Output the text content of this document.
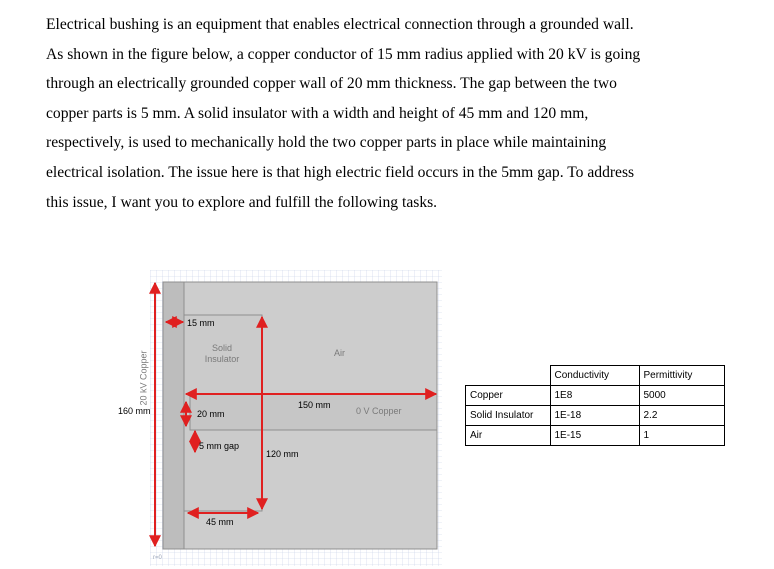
Electrical bushing is an equipment that enables electrical connection through a grounded wall.

As shown in the figure below, a copper conductor of 15 mm radius applied with 20 kV is going

through an electrically grounded copper wall of 20 mm thickness. The gap between the two

copper parts is 5 mm. A solid insulator with a width and height of 45 mm and 120 mm,

respectively, is used to mechanically hold the two copper parts in place while maintaining

electrical isolation. The issue here is that high electric field occurs in the 5mm gap. To address

this issue, I want you to explore and fulfill the following tasks.

20 kV Copper
160 mm
15 mm
Solid Insulator
Air
150 mm
0 V Copper
20 mm
5 mm gap
120 mm
45 mm
r=0
	Conductivity	Permittivity
Copper	1E8	5000
Solid Insulator	1E-18	2.2
Air	1E-15	1
